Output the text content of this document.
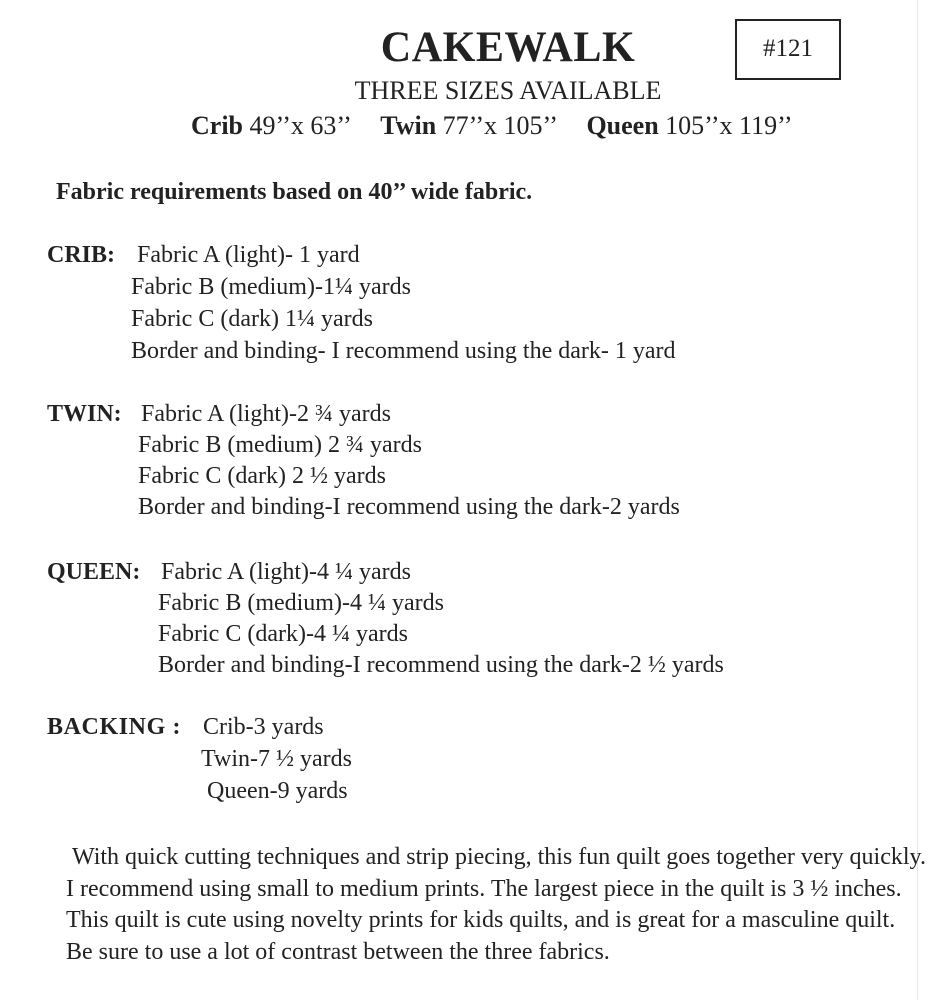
CAKEWALK	#121
THREE SIZES AVAILABLE
Crib 49’’x 63’’ Twin 77’’x 105’’ Queen 105’’x 119’’
Fabric requirements based on 40’’ wide fabric.
CRIB: Fabric A (light)- 1 yard
Fabric B (medium)-1¼ yards
Fabric C (dark) 1¼ yards
Border and binding- I recommend using the dark- 1 yard
TWIN: Fabric A (light)-2 ¾ yards
Fabric B (medium) 2 ¾ yards
Fabric C (dark) 2 ½ yards
Border and binding-I recommend using the dark-2 yards
QUEEN: Fabric A (light)-4 ¼ yards
Fabric B (medium)-4 ¼ yards
Fabric C (dark)-4 ¼ yards
Border and binding-I recommend using the dark-2 ½ yards
BACKING : Crib-3 yards
Twin-7 ½ yards
Queen-9 yards

With quick cutting techniques and strip piecing, this fun quilt goes together very quickly. I recommend using small to medium prints. The largest piece in the quilt is 3 ½ inches. This quilt is cute using novelty prints for kids quilts, and is great for a masculine quilt. Be sure to use a lot of contrast between the three fabrics.
